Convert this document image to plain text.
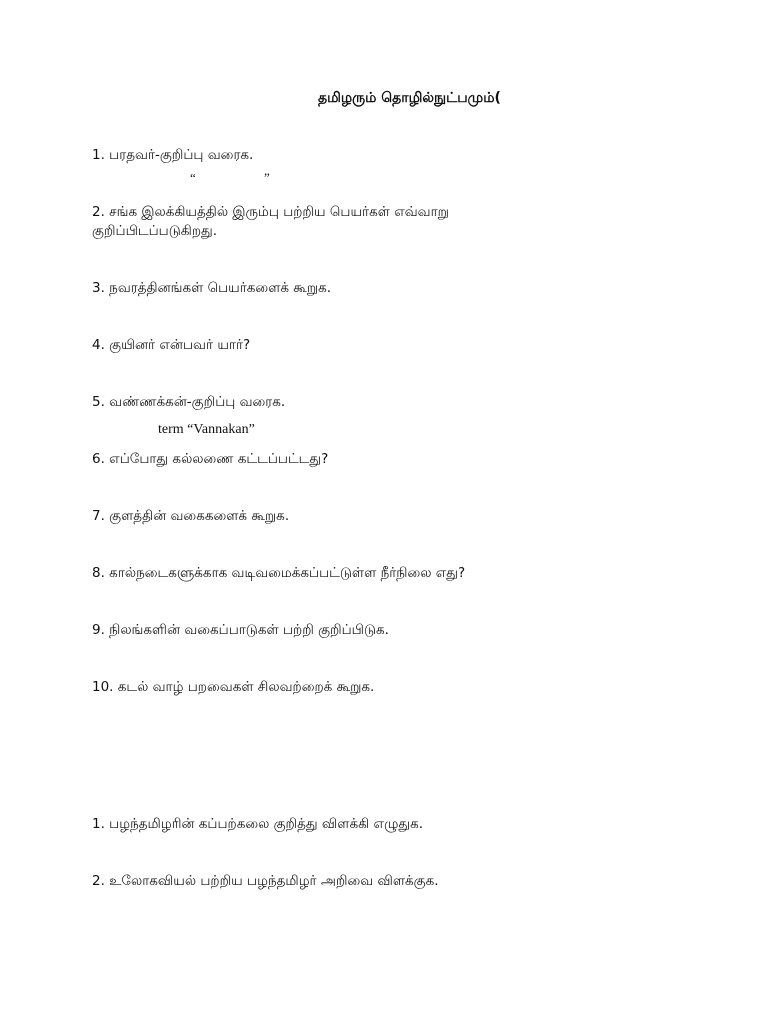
தமிழரும் தொழில்நுட்பமும்(
1. பரதவர்-குறிப்பு வரைக.
“	”
2. சங்க இலக்கியத்தில் இரும்பு பற்றிய பெயர்கள் எவ்வாறு
குறிப்பிடப்படுகிறது.
3. நவரத்தினங்கள் பெயர்களைக் கூறுக.
4. குயினர் என்பவர் யார்?
5. வண்ணக்கன்-குறிப்பு வரைக.
term “Vannakan”
6. எப்போது கல்லணை கட்டப்பட்டது?
7. குளத்தின் வகைகளைக் கூறுக.
8. கால்நடைகளுக்காக வடிவமைக்கப்பட்டுள்ள நீர்நிலை எது?
9. நிலங்களின் வகைப்பாடுகள் பற்றி குறிப்பிடுக.
10. கடல் வாழ் பறவைகள் சிலவற்றைக் கூறுக.
1. பழந்தமிழரின் கப்பற்கலை குறித்து விளக்கி எழுதுக.
2. உலோகவியல் பற்றிய பழந்தமிழர் அறிவை விளக்குக.
